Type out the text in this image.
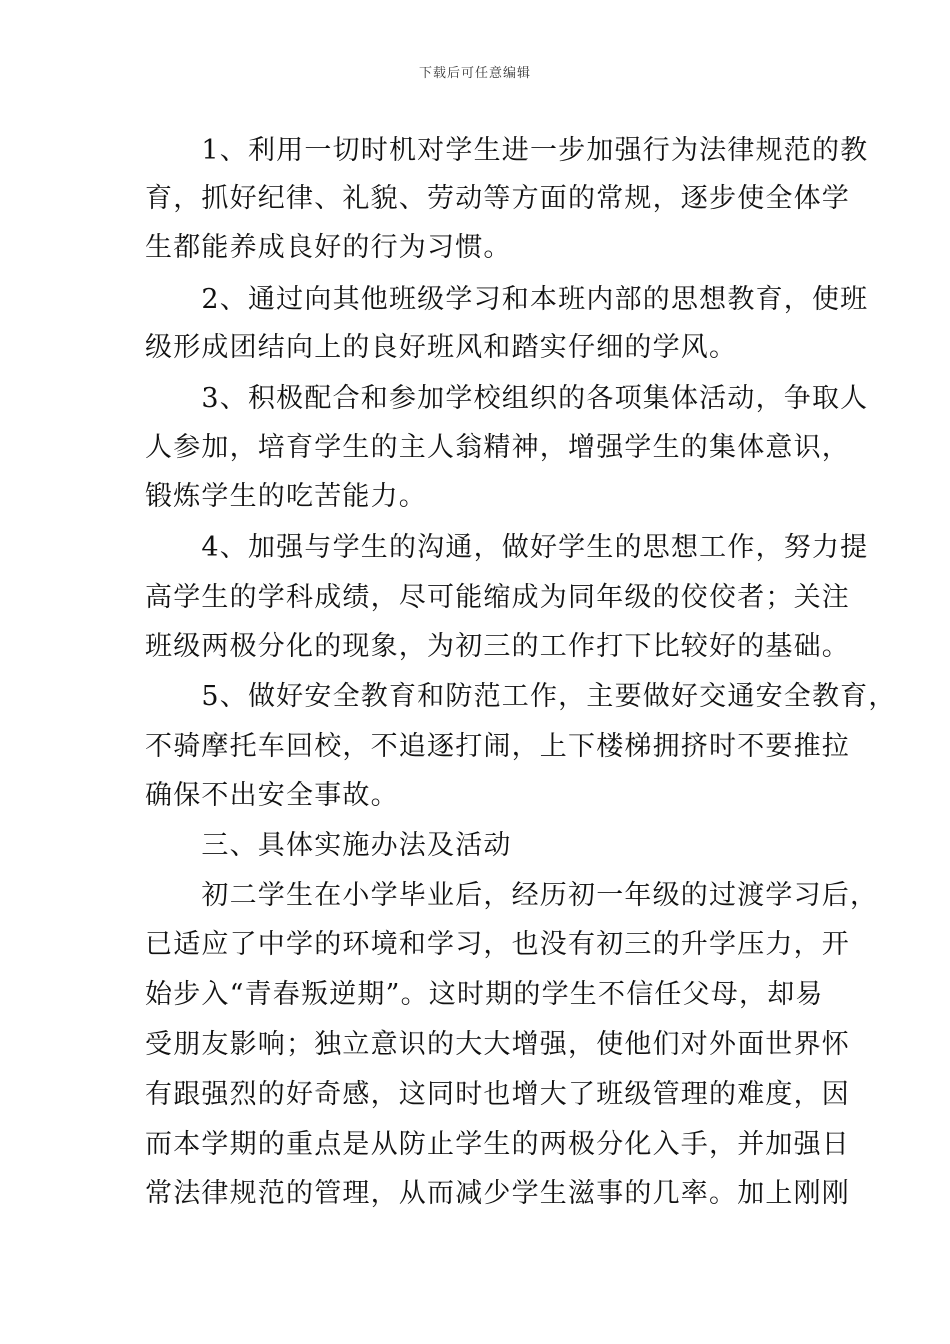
下载后可任意编辑
　　1、利用一切时机对学生进一步加强行为法律规范的教
育，抓好纪律、礼貌、劳动等方面的常规，逐步使全体学
生都能养成良好的行为习惯。
　　2、通过向其他班级学习和本班内部的思想教育，使班
级形成团结向上的良好班风和踏实仔细的学风。
　　3、积极配合和参加学校组织的各项集体活动，争取人
人参加，培育学生的主人翁精神，增强学生的集体意识，
锻炼学生的吃苦能力。
　　4、加强与学生的沟通，做好学生的思想工作，努力提
高学生的学科成绩，尽可能缩成为同年级的佼佼者；关注
班级两极分化的现象，为初三的工作打下比较好的基础。
　　5、做好安全教育和防范工作，主要做好交通安全教育，
不骑摩托车回校，不追逐打闹，上下楼梯拥挤时不要推拉
确保不出安全事故。
　　三、具体实施办法及活动
　　初二学生在小学毕业后，经历初一年级的过渡学习后，
已适应了中学的环境和学习，也没有初三的升学压力，开
始步入“青春叛逆期”。这时期的学生不信任父母，却易
受朋友影响；独立意识的大大增强，使他们对外面世界怀
有跟强烈的好奇感，这同时也增大了班级管理的难度，因
而本学期的重点是从防止学生的两极分化入手，并加强日
常法律规范的管理，从而减少学生滋事的几率。加上刚刚
